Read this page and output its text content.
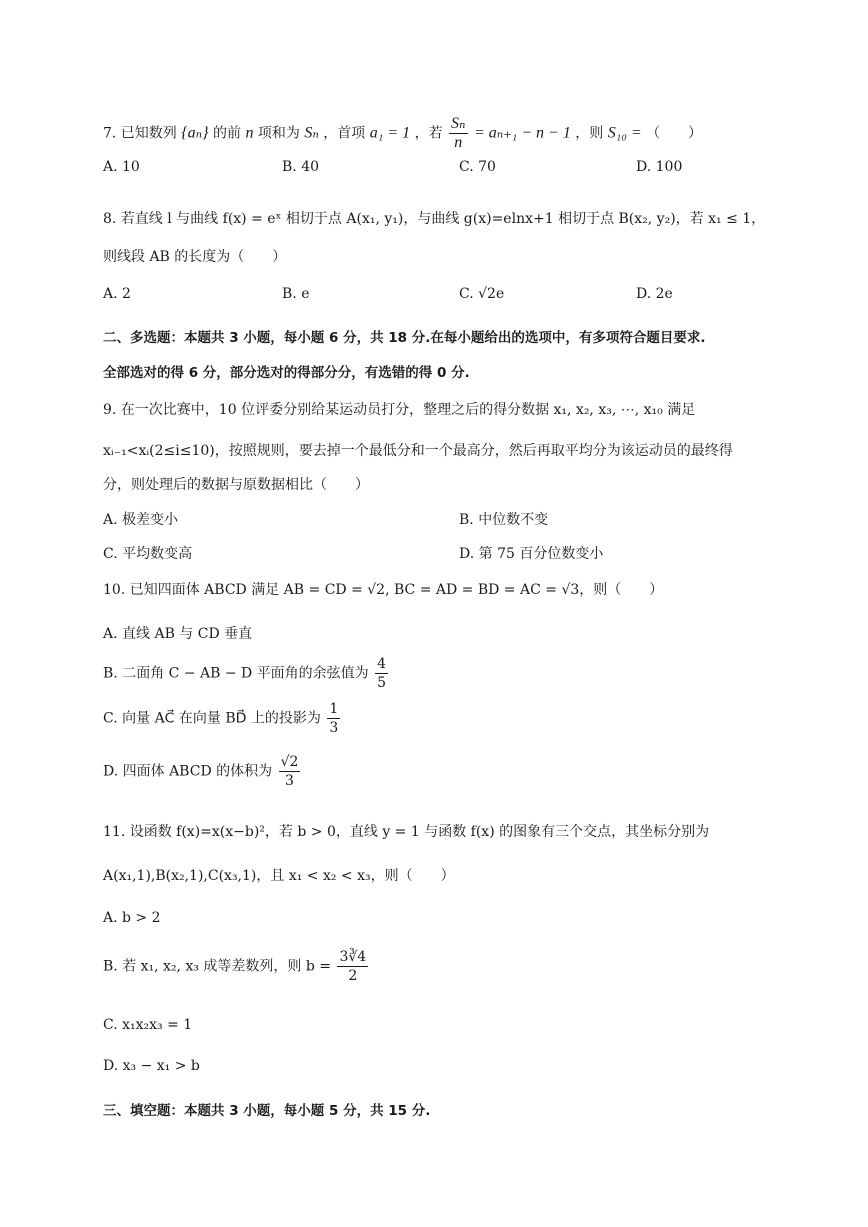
7. 已知数列 {aₙ} 的前 n 项和为 Sₙ ，首项 a₁ = 1 ，若 $\frac{\text{Sₙ}}{n} = a_{n+1} - n - 1$ ，则 S₁₀ = （　　）
A. 10	B. 40	C. 70	D. 100
8. 若直线 l 与曲线 f(x) = eˣ 相切于点 A(x₁, y₁)，与曲线 g(x)=elnx+1 相切于点 B(x₂, y₂)，若 x₁ ≤ 1，
则线段 AB 的长度为（　　）
A. 2	B. e	C. √2e	D. 2e
二、多选题：本题共 3 小题，每小题 6 分，共 18 分.在每小题给出的选项中，有多项符合题目要求.
全部选对的得 6 分，部分选对的得部分分，有选错的得 0 分.
9. 在一次比赛中，10 位评委分别给某运动员打分，整理之后的得分数据 x₁, x₂, x₃, ⋯, x₁₀ 满足
xᵢ₋₁<xᵢ(2≤i≤10)，按照规则，要去掉一个最低分和一个最高分，然后再取平均分为该运动员的最终得
分，则处理后的数据与原数据相比（　　）
A. 极差变小	B. 中位数不变
C. 平均数变高	D. 第 75 百分位数变小
10. 已知四面体 ABCD 满足 AB = CD = √2, BC = AD = BD = AC = √3，则（　　）
A. 直线 AB 与 CD 垂直
B. 二面角 C − AB − D 平面角的余弦值为 $\frac{4}{5}$
C. 向量 AC⃗ 在向量 BD⃗ 上的投影为 $\frac{1}{3}$
D. 四面体 ABCD 的体积为 $\frac{√2}{3}$
11. 设函数 f(x)=x(x−b)²，若 b > 0，直线 y = 1 与函数 f(x) 的图象有三个交点，其坐标分别为
A(x₁,1),B(x₂,1),C(x₃,1)，且 x₁ < x₂ < x₃，则（　　）
A. b > 2
B. 若 x₁, x₂, x₃ 成等差数列，则 $b = \frac{3∛4}{2}$
C. x₁x₂x₃ = 1
D. x₃ − x₁ > b
三、填空题：本题共 3 小题，每小题 5 分，共 15 分.
